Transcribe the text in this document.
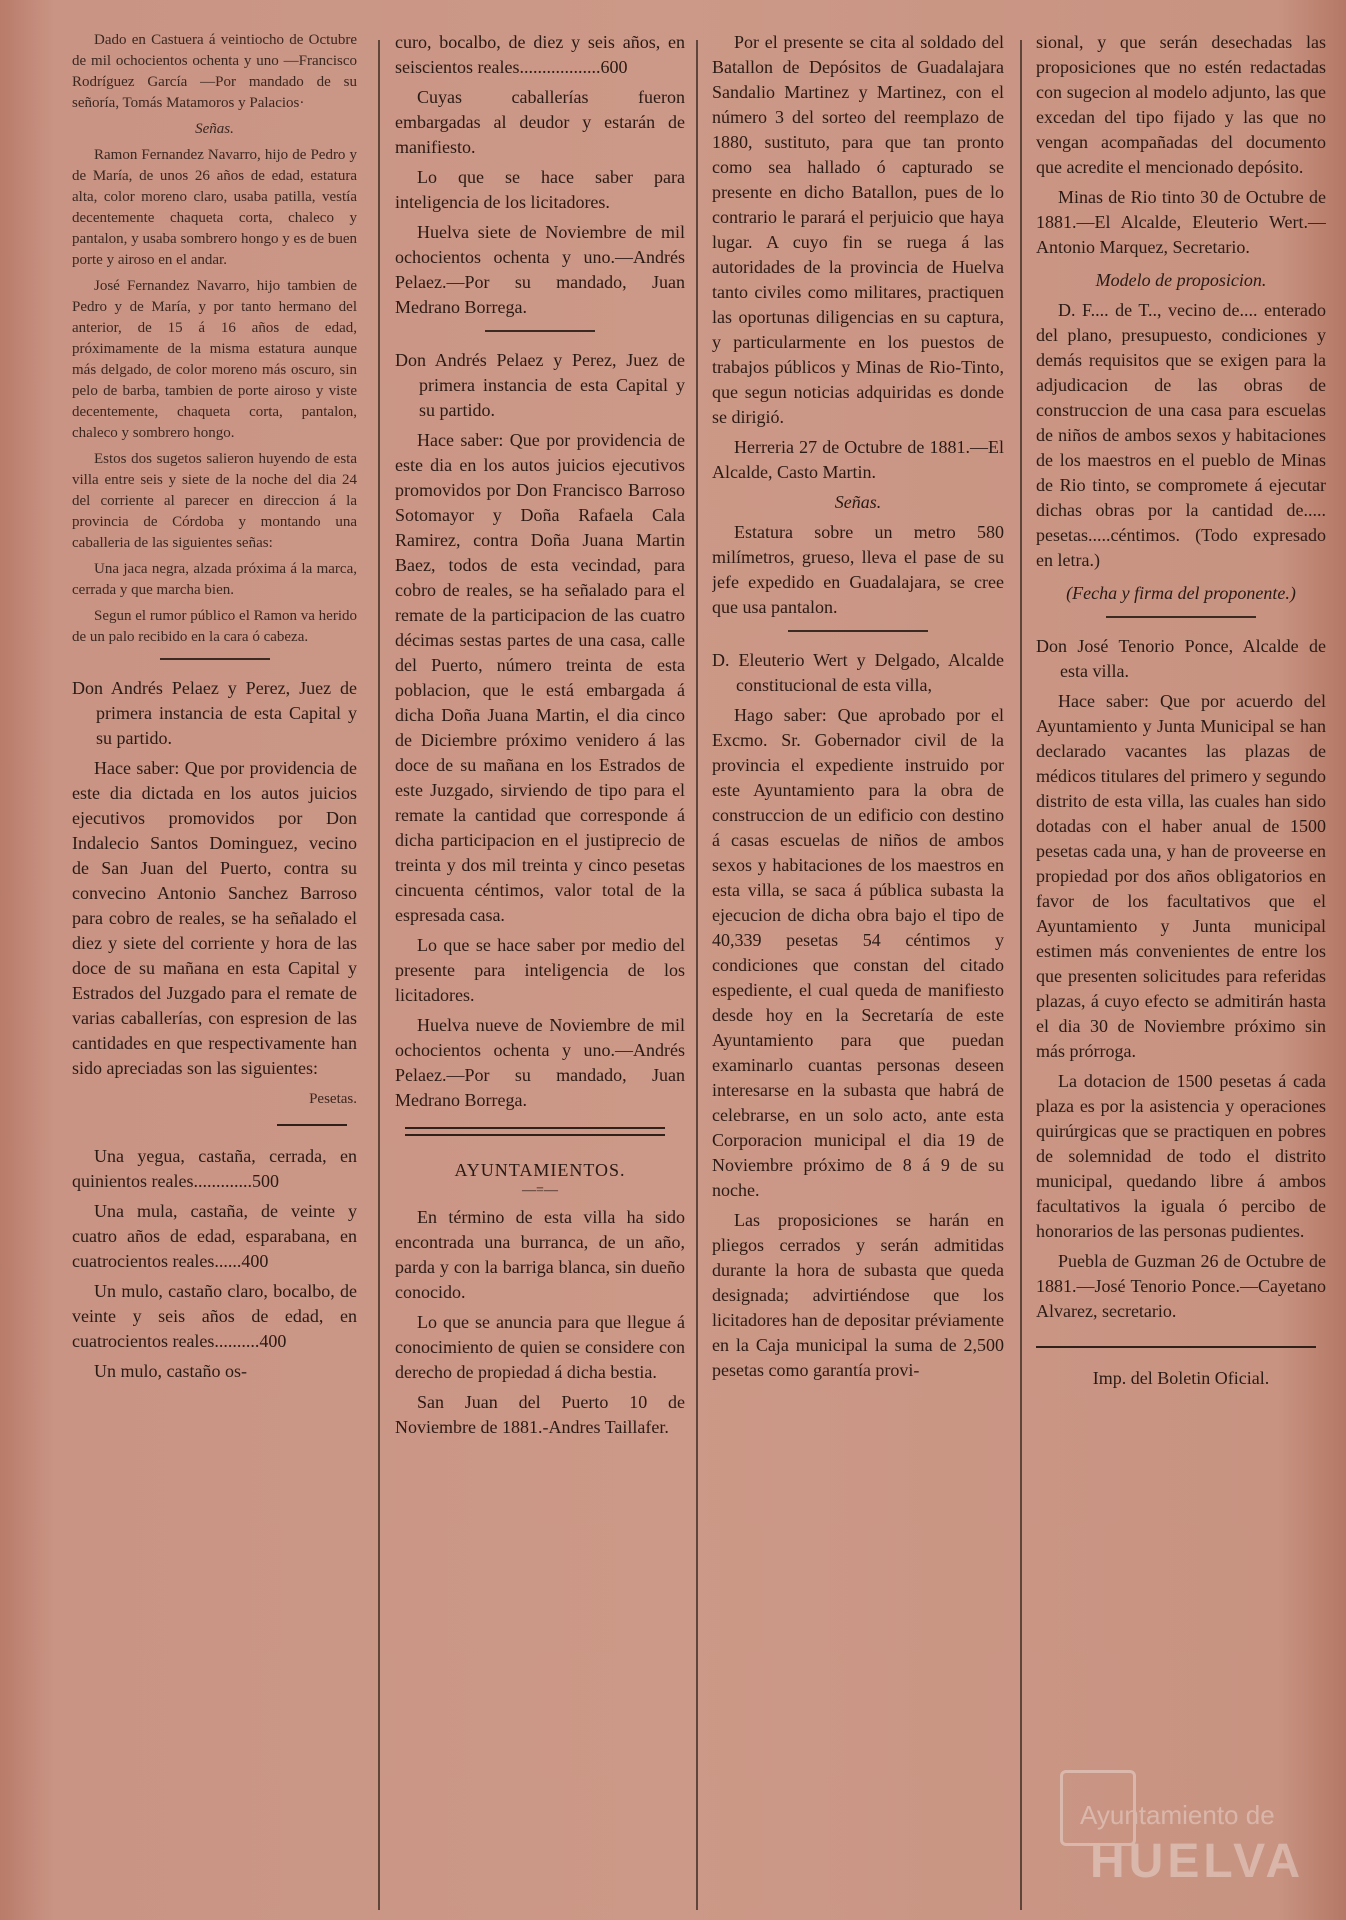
Dado en Castuera á veintiocho de Octubre de mil ochocientos ochenta y uno —Francisco Rodríguez García —Por mandado de su señoría, Tomás Matamoros y Palacios·

Señas.

Ramon Fernandez Navarro, hijo de Pedro y de María, de unos 26 años de edad, estatura alta, color moreno claro, usaba patilla, vestía decentemente chaqueta corta, chaleco y pantalon, y usaba sombrero hongo y es de buen porte y airoso en el andar.

José Fernandez Navarro, hijo tambien de Pedro y de María, y por tanto hermano del anterior, de 15 á 16 años de edad, próximamente de la misma estatura aunque más delgado, de color moreno más oscuro, sin pelo de barba, tambien de porte airoso y viste decentemente, chaqueta corta, pantalon, chaleco y sombrero hongo.

Estos dos sugetos salieron huyendo de esta villa entre seis y siete de la noche del dia 24 del corriente al parecer en direccion á la provincia de Córdoba y montando una caballeria de las siguientes señas:

Una jaca negra, alzada próxima á la marca, cerrada y que marcha bien.

Segun el rumor público el Ramon va herido de un palo recibido en la cara ó cabeza.

Don Andrés Pelaez y Perez, Juez de primera instancia de esta Capital y su partido.

Hace saber: Que por providencia de este dia dictada en los autos juicios ejecutivos promovidos por Don Indalecio Santos Dominguez, vecino de San Juan del Puerto, contra su convecino Antonio Sanchez Barroso para cobro de reales, se ha señalado el diez y siete del corriente y hora de las doce de su mañana en esta Capital y Estrados del Juzgado para el remate de varias caballerías, con espresion de las cantidades en que respectivamente han sido apreciadas son las siguientes:

Pesetas.

Una yegua, castaña, cerrada, en quinientos reales.............500

Una mula, castaña, de veinte y cuatro años de edad, esparabana, en cuatrocientos reales......400

Un mulo, castaño claro, bocalbo, de veinte y seis años de edad, en cuatrocientos reales..........400

Un mulo, castaño os-

curo, bocalbo, de diez y seis años, en seiscientos reales..................600

Cuyas caballerías fueron embargadas al deudor y estarán de manifiesto.

Lo que se hace saber para inteligencia de los licitadores.

Huelva siete de Noviembre de mil ochocientos ochenta y uno.—Andrés Pelaez.—Por su mandado, Juan Medrano Borrega.

Don Andrés Pelaez y Perez, Juez de primera instancia de esta Capital y su partido.

Hace saber: Que por providencia de este dia en los autos juicios ejecutivos promovidos por Don Francisco Barroso Sotomayor y Doña Rafaela Cala Ramirez, contra Doña Juana Martin Baez, todos de esta vecindad, para cobro de reales, se ha señalado para el remate de la participacion de las cuatro décimas sestas partes de una casa, calle del Puerto, número treinta de esta poblacion, que le está embargada á dicha Doña Juana Martin, el dia cinco de Diciembre próximo venidero á las doce de su mañana en los Estrados de este Juzgado, sirviendo de tipo para el remate la cantidad que corresponde á dicha participacion en el justiprecio de treinta y dos mil treinta y cinco pesetas cincuenta céntimos, valor total de la espresada casa.

Lo que se hace saber por medio del presente para inteligencia de los licitadores.

Huelva nueve de Noviembre de mil ochocientos ochenta y uno.—Andrés Pelaez.—Por su mandado, Juan Medrano Borrega.

AYUNTAMIENTOS.

—=—

En término de esta villa ha sido encontrada una burranca, de un año, parda y con la barriga blanca, sin dueño conocido.

Lo que se anuncia para que llegue á conocimiento de quien se considere con derecho de propiedad á dicha bestia.

San Juan del Puerto 10 de Noviembre de 1881.-Andres Taillafer.

Por el presente se cita al soldado del Batallon de Depósitos de Guadalajara Sandalio Martinez y Martinez, con el número 3 del sorteo del reemplazo de 1880, sustituto, para que tan pronto como sea hallado ó capturado se presente en dicho Batallon, pues de lo contrario le parará el perjuicio que haya lugar. A cuyo fin se ruega á las autoridades de la provincia de Huelva tanto civiles como militares, practiquen las oportunas diligencias en su captura, y particularmente en los puestos de trabajos públicos y Minas de Rio-Tinto, que segun noticias adquiridas es donde se dirigió.

Herreria 27 de Octubre de 1881.—El Alcalde, Casto Martin.

Señas.

Estatura sobre un metro 580 milímetros, grueso, lleva el pase de su jefe expedido en Guadalajara, se cree que usa pantalon.

D. Eleuterio Wert y Delgado, Alcalde constitucional de esta villa,

Hago saber: Que aprobado por el Excmo. Sr. Gobernador civil de la provincia el expediente instruido por este Ayuntamiento para la obra de construccion de un edificio con destino á casas escuelas de niños de ambos sexos y habitaciones de los maestros en esta villa, se saca á pública subasta la ejecucion de dicha obra bajo el tipo de 40,339 pesetas 54 céntimos y condiciones que constan del citado espediente, el cual queda de manifiesto desde hoy en la Secretaría de este Ayuntamiento para que puedan examinarlo cuantas personas deseen interesarse en la subasta que habrá de celebrarse, en un solo acto, ante esta Corporacion municipal el dia 19 de Noviembre próximo de 8 á 9 de su noche.

Las proposiciones se harán en pliegos cerrados y serán admitidas durante la hora de subasta que queda designada; advirtiéndose que los licitadores han de depositar préviamente en la Caja municipal la suma de 2,500 pesetas como garantía provi-

sional, y que serán desechadas las proposiciones que no estén redactadas con sugecion al modelo adjunto, las que excedan del tipo fijado y las que no vengan acompañadas del documento que acredite el mencionado depósito.

Minas de Rio tinto 30 de Octubre de 1881.—El Alcalde, Eleuterio Wert.—Antonio Marquez, Secretario.

Modelo de proposicion.

D. F.... de T.., vecino de.... enterado del plano, presupuesto, condiciones y demás requisitos que se exigen para la adjudicacion de las obras de construccion de una casa para escuelas de niños de ambos sexos y habitaciones de los maestros en el pueblo de Minas de Rio tinto, se compromete á ejecutar dichas obras por la cantidad de..... pesetas.....céntimos. (Todo expresado en letra.)

(Fecha y firma del proponente.)

Don José Tenorio Ponce, Alcalde de esta villa.

Hace saber: Que por acuerdo del Ayuntamiento y Junta Municipal se han declarado vacantes las plazas de médicos titulares del primero y segundo distrito de esta villa, las cuales han sido dotadas con el haber anual de 1500 pesetas cada una, y han de proveerse en propiedad por dos años obligatorios en favor de los facultativos que el Ayuntamiento y Junta municipal estimen más convenientes de entre los que presenten solicitudes para referidas plazas, á cuyo efecto se admitirán hasta el dia 30 de Noviembre próximo sin más prórroga.

La dotacion de 1500 pesetas á cada plaza es por la asistencia y operaciones quirúrgicas que se practiquen en pobres de solemnidad de todo el distrito municipal, quedando libre á ambos facultativos la iguala ó percibo de honorarios de las personas pudientes.

Puebla de Guzman 26 de Octubre de 1881.—José Tenorio Ponce.—Cayetano Alvarez, secretario.

Imp. del Boletin Oficial.

Ayuntamiento de
HUELVA
